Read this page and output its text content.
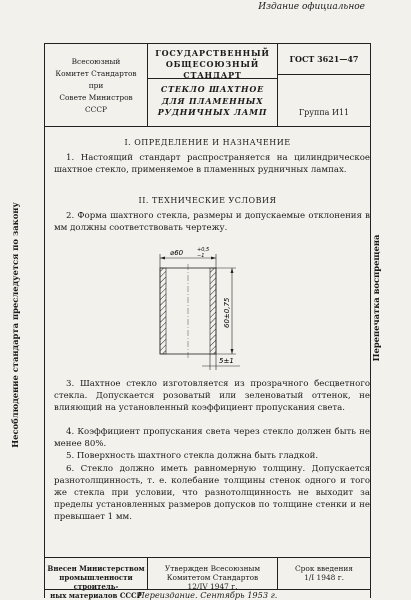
Издание официальное
Всесоюзный
Комитет Стандартов
при
Совете Министров
СССР
ГОСУДАРСТВЕННЫЙ
ОБЩЕСОЮЗНЫЙ СТАНДАРТ
СТЕКЛО ШАХТНОЕ
ДЛЯ ПЛАМЕННЫХ
РУДНИЧНЫХ ЛАМП
ГОСТ 3621—47
Группа И11
I. ОПРЕДЕЛЕНИЕ И НАЗНАЧЕНИЕ

1. Настоящий стандарт распространяется на цилиндрическое шахтное стекло, применяемое в пламенных рудничных лампах.

II. ТЕХНИЧЕСКИЕ УСЛОВИЯ

2. Форма шахтного стекла, размеры и допускаемые отклонения в мм должны соответствовать чертежу.

⌀60	+0,5
−1
60±0,75
5±1

3. Шахтное стекло изготовляется из прозрачного бесцветного стекла. Допускается розоватый или зеленоватый оттенок, не влияющий на установленный коэффициент пропускания света.

4. Коэффициент пропускания света через стекло должен быть не менее 80%.

5. Поверхность шахтного стекла должна быть гладкой.

6. Стекло должно иметь равномерную толщину. Допускается разнотолщинность, т. е. колебание толщины стенок одного и того же стекла при условии, что разнотолщинность не выходит за пределы установленных размеров допусков по толщине стенки и не превышает 1 мм.

Несоблюдение стандарта преследуется по закону	Перепечатка воспрещена
Внесен Министерством
промышленности строитель-
ных материалов СССР
Утвержден Всесоюзным
Комитетом Стандартов
12/IV 1947 г.
Срок введения
1/I 1948 г.
Переиздание. Сентябрь 1953 г.
